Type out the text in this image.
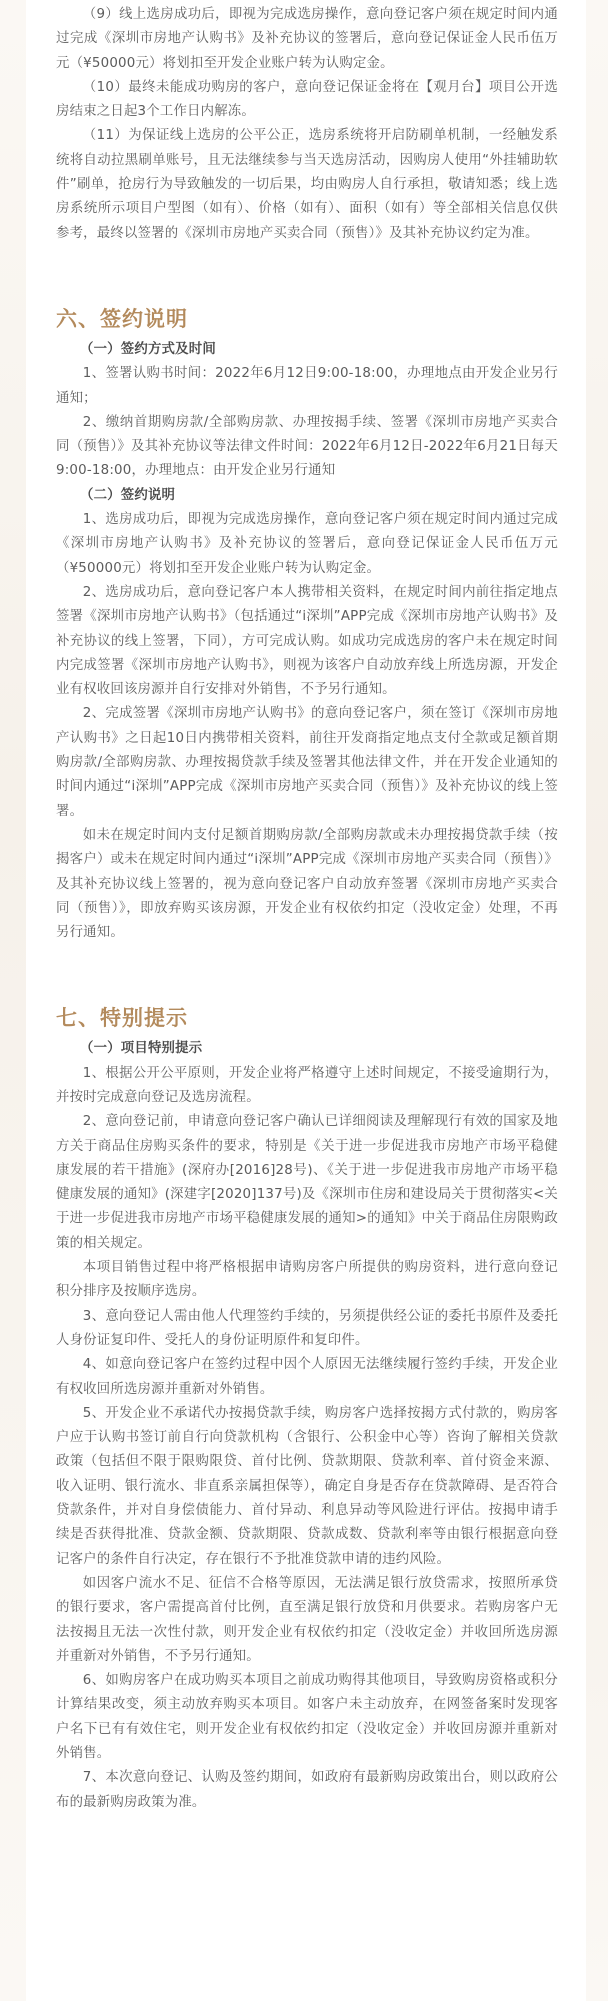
（9）线上选房成功后，即视为完成选房操作，意向登记客户须在规定时间内通过完成《深圳市房地产认购书》及补充协议的签署后，意向登记保证金人民币伍万元（¥50000元）将划扣至开发企业账户转为认购定金。

（10）最终未能成功购房的客户，意向登记保证金将在【观月台】项目公开选房结束之日起3个工作日内解冻。

（11）为保证线上选房的公平公正，选房系统将开启防刷单机制，一经触发系统将自动拉黑刷单账号，且无法继续参与当天选房活动，因购房人使用“外挂辅助软件”刷单，抢房行为导致触发的一切后果，均由购房人自行承担，敬请知悉；线上选房系统所示项目户型图（如有）、价格（如有）、面积（如有）等全部相关信息仅供参考，最终以签署的《深圳市房地产买卖合同（预售）》及其补充协议约定为准。

六、签约说明
（一）签约方式及时间

1、签署认购书时间：2022年6月12日9:00-18:00，办理地点由开发企业另行通知；

2、缴纳首期购房款/全部购房款、办理按揭手续、签署《深圳市房地产买卖合同（预售）》及其补充协议等法律文件时间：2022年6月12日-2022年6月21日每天9:00-18:00，办理地点：由开发企业另行通知

（二）签约说明

1、选房成功后，即视为完成选房操作，意向登记客户须在规定时间内通过完成《深圳市房地产认购书》及补充协议的签署后，意向登记保证金人民币伍万元（¥50000元）将划扣至开发企业账户转为认购定金。

2、选房成功后，意向登记客户本人携带相关资料，在规定时间内前往指定地点签署《深圳市房地产认购书》（包括通过“i深圳”APP完成《深圳市房地产认购书》及补充协议的线上签署，下同），方可完成认购。如成功完成选房的客户未在规定时间内完成签署《深圳市房地产认购书》，则视为该客户自动放弃线上所选房源，开发企业有权收回该房源并自行安排对外销售，不予另行通知。

2、完成签署《深圳市房地产认购书》的意向登记客户，须在签订《深圳市房地产认购书》之日起10日内携带相关资料，前往开发商指定地点支付全款或足额首期购房款/全部购房款、办理按揭贷款手续及签署其他法律文件，并在开发企业通知的时间内通过“i深圳”APP完成《深圳市房地产买卖合同（预售）》及补充协议的线上签署。

如未在规定时间内支付足额首期购房款/全部购房款或未办理按揭贷款手续（按揭客户）或未在规定时间内通过“i深圳”APP完成《深圳市房地产买卖合同（预售）》及其补充协议线上签署的，视为意向登记客户自动放弃签署《深圳市房地产买卖合同（预售）》，即放弃购买该房源，开发企业有权依约扣定（没收定金）处理，不再另行通知。

七、特别提示
（一）项目特别提示

1、根据公开公平原则，开发企业将严格遵守上述时间规定，不接受逾期行为，并按时完成意向登记及选房流程。

2、意向登记前，申请意向登记客户确认已详细阅读及理解现行有效的国家及地方关于商品住房购买条件的要求，特别是《关于进一步促进我市房地产市场平稳健康发展的若干措施》(深府办[2016]28号)、《关于进一步促进我市房地产市场平稳健康发展的通知》(深建字[2020]137号)及《深圳市住房和建设局关于贯彻落实<关于进一步促进我市房地产市场平稳健康发展的通知>的通知》中关于商品住房限购政策的相关规定。

本项目销售过程中将严格根据申请购房客户所提供的购房资料，进行意向登记积分排序及按顺序选房。

3、意向登记人需由他人代理签约手续的，另须提供经公证的委托书原件及委托人身份证复印件、受托人的身份证明原件和复印件。

4、如意向登记客户在签约过程中因个人原因无法继续履行签约手续，开发企业有权收回所选房源并重新对外销售。

5、开发企业不承诺代办按揭贷款手续，购房客户选择按揭方式付款的，购房客户应于认购书签订前自行向贷款机构（含银行、公积金中心等）咨询了解相关贷款政策（包括但不限于限购限贷、首付比例、贷款期限、贷款利率、首付资金来源、收入证明、银行流水、非直系亲属担保等），确定自身是否存在贷款障碍、是否符合贷款条件，并对自身偿债能力、首付异动、利息异动等风险进行评估。按揭申请手续是否获得批准、贷款金额、贷款期限、贷款成数、贷款利率等由银行根据意向登记客户的条件自行决定，存在银行不予批准贷款申请的违约风险。

如因客户流水不足、征信不合格等原因，无法满足银行放贷需求，按照所承贷的银行要求，客户需提高首付比例，直至满足银行放贷和月供要求。若购房客户无法按揭且无法一次性付款，则开发企业有权依约扣定（没收定金）并收回所选房源并重新对外销售，不予另行通知。

6、如购房客户在成功购买本项目之前成功购得其他项目，导致购房资格或积分计算结果改变，须主动放弃购买本项目。如客户未主动放弃，在网签备案时发现客户名下已有有效住宅，则开发企业有权依约扣定（没收定金）并收回房源并重新对外销售。

7、本次意向登记、认购及签约期间，如政府有最新购房政策出台，则以政府公布的最新购房政策为准。
